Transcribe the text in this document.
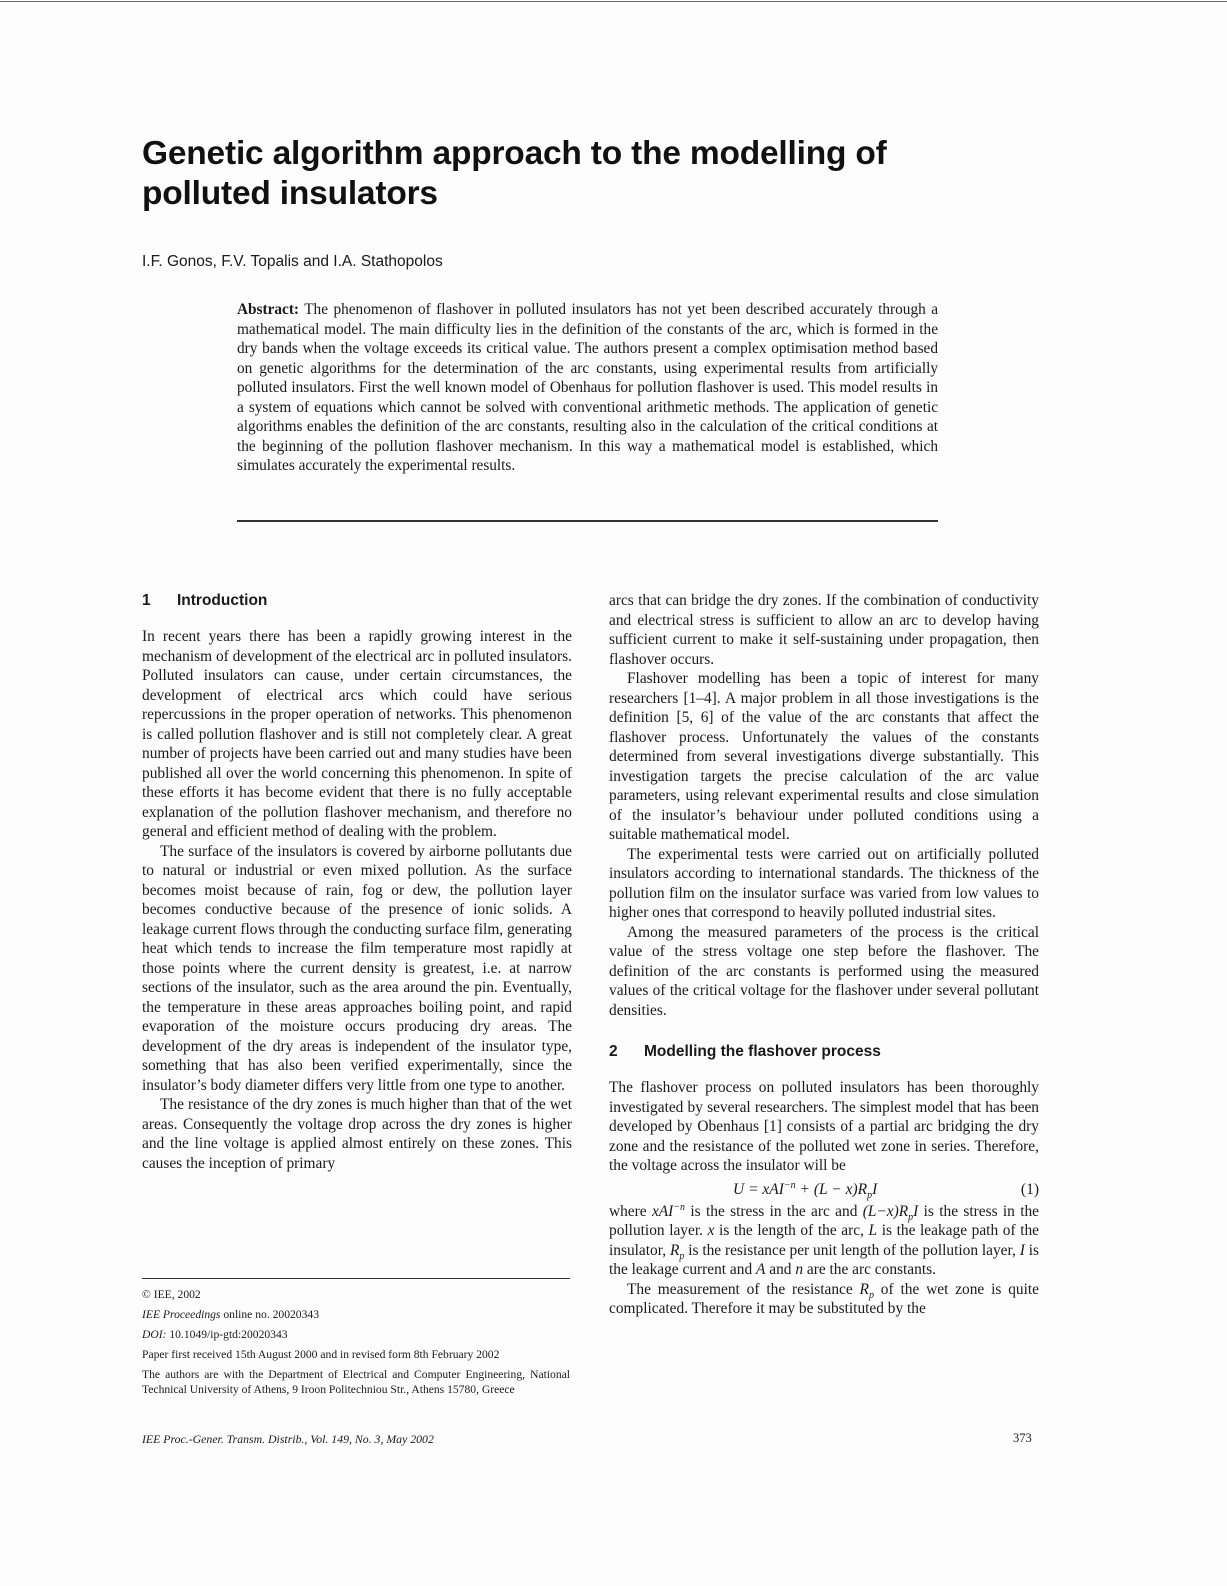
Genetic algorithm approach to the modelling of polluted insulators
I.F. Gonos, F.V. Topalis and I.A. Stathopolos
Abstract: The phenomenon of flashover in polluted insulators has not yet been described accurately through a mathematical model. The main difficulty lies in the definition of the constants of the arc, which is formed in the dry bands when the voltage exceeds its critical value. The authors present a complex optimisation method based on genetic algorithms for the determination of the arc constants, using experimental results from artificially polluted insulators. First the well known model of Obenhaus for pollution flashover is used. This model results in a system of equations which cannot be solved with conventional arithmetic methods. The application of genetic algorithms enables the definition of the arc constants, resulting also in the calculation of the critical conditions at the beginning of the pollution flashover mechanism. In this way a mathematical model is established, which simulates accurately the experimental results.
1	Introduction

In recent years there has been a rapidly growing interest in the mechanism of development of the electrical arc in polluted insulators. Polluted insulators can cause, under certain circumstances, the development of electrical arcs which could have serious repercussions in the proper operation of networks. This phenomenon is called pollution flashover and is still not completely clear. A great number of projects have been carried out and many studies have been published all over the world concerning this phenomenon. In spite of these efforts it has become evident that there is no fully acceptable explanation of the pollution flashover mechanism, and therefore no general and efficient method of dealing with the problem.

The surface of the insulators is covered by airborne pollutants due to natural or industrial or even mixed pollution. As the surface becomes moist because of rain, fog or dew, the pollution layer becomes conductive because of the presence of ionic solids. A leakage current flows through the conducting surface film, generating heat which tends to increase the film temperature most rapidly at those points where the current density is greatest, i.e. at narrow sections of the insulator, such as the area around the pin. Eventually, the temperature in these areas approaches boiling point, and rapid evaporation of the moisture occurs producing dry areas. The development of the dry areas is independent of the insulator type, something that has also been verified experimentally, since the insulator’s body diameter differs very little from one type to another.

The resistance of the dry zones is much higher than that of the wet areas. Consequently the voltage drop across the dry zones is higher and the line voltage is applied almost entirely on these zones. This causes the inception of primary

arcs that can bridge the dry zones. If the combination of conductivity and electrical stress is sufficient to allow an arc to develop having sufficient current to make it self-sustaining under propagation, then flashover occurs.

Flashover modelling has been a topic of interest for many researchers [1–4]. A major problem in all those investigations is the definition [5, 6] of the value of the arc constants that affect the flashover process. Unfortunately the values of the constants determined from several investigations diverge substantially. This investigation targets the precise calculation of the arc value parameters, using relevant experimental results and close simulation of the insulator’s behaviour under polluted conditions using a suitable mathematical model.

The experimental tests were carried out on artificially polluted insulators according to international standards. The thickness of the pollution film on the insulator surface was varied from low values to higher ones that correspond to heavily polluted industrial sites.

Among the measured parameters of the process is the critical value of the stress voltage one step before the flashover. The definition of the arc constants is performed using the measured values of the critical voltage for the flashover under several pollutant densities.

2	Modelling the flashover process

The flashover process on polluted insulators has been thoroughly investigated by several researchers. The simplest model that has been developed by Obenhaus [1] consists of a partial arc bridging the dry zone and the resistance of the polluted wet zone in series. Therefore, the voltage across the insulator will be

$U = xAI^{-n} + (L - x)R_pI$	(1)

where xAI$^{-n}$ is the stress in the arc and $(L-x)R_pI$ is the stress in the pollution layer. x is the length of the arc, L is the leakage path of the insulator, $R_p$ is the resistance per unit length of the pollution layer, I is the leakage current and A and n are the arc constants.

The measurement of the resistance $R_p$ of the wet zone is quite complicated. Therefore it may be substituted by the

© IEE, 2002
IEE Proceedings online no. 20020343
DOI: 10.1049/ip-gtd:20020343
Paper first received 15th August 2000 and in revised form 8th February 2002
The authors are with the Department of Electrical and Computer Engineering, National Technical University of Athens, 9 Iroon Politechniou Str., Athens 15780, Greece
IEE Proc.-Gener. Transm. Distrib., Vol. 149, No. 3, May 2002	373
